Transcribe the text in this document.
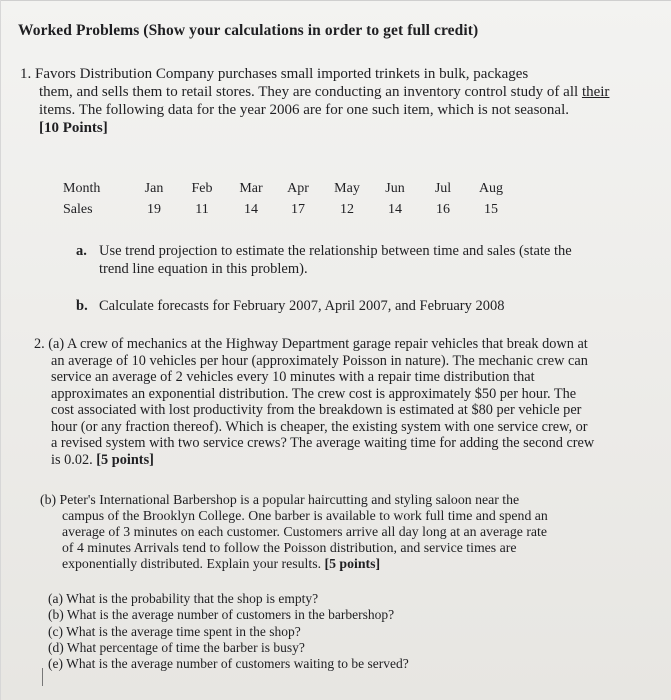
Worked Problems (Show your calculations in order to get full credit)
1. Favors Distribution Company purchases small imported trinkets in bulk, packages
them, and sells them to retail stores. They are conducting an inventory control study of all their
items. The following data for the year 2006 are for one such item, which is not seasonal.
[10 Points]
Month	Jan	Feb	Mar	Apr	May	Jun	Jul	Aug
Sales	19	11	14	17	12	14	16	15
a. Use trend projection to estimate the relationship between time and sales (state the
trend line equation in this problem).
b. Calculate forecasts for February 2007, April 2007, and February 2008
2. (a) A crew of mechanics at the Highway Department garage repair vehicles that break down at
an average of 10 vehicles per hour (approximately Poisson in nature). The mechanic crew can
service an average of 2 vehicles every 10 minutes with a repair time distribution that
approximates an exponential distribution. The crew cost is approximately $50 per hour. The
cost associated with lost productivity from the breakdown is estimated at $80 per vehicle per
hour (or any fraction thereof). Which is cheaper, the existing system with one service crew, or
a revised system with two service crews? The average waiting time for adding the second crew
is 0.02. [5 points]
(b) Peter's International Barbershop is a popular haircutting and styling saloon near the
campus of the Brooklyn College. One barber is available to work full time and spend an
average of 3 minutes on each customer. Customers arrive all day long at an average rate
of 4 minutes Arrivals tend to follow the Poisson distribution, and service times are
exponentially distributed. Explain your results. [5 points]
(a) What is the probability that the shop is empty?
(b) What is the average number of customers in the barbershop?
(c) What is the average time spent in the shop?
(d) What percentage of time the barber is busy?
(e) What is the average number of customers waiting to be served?
